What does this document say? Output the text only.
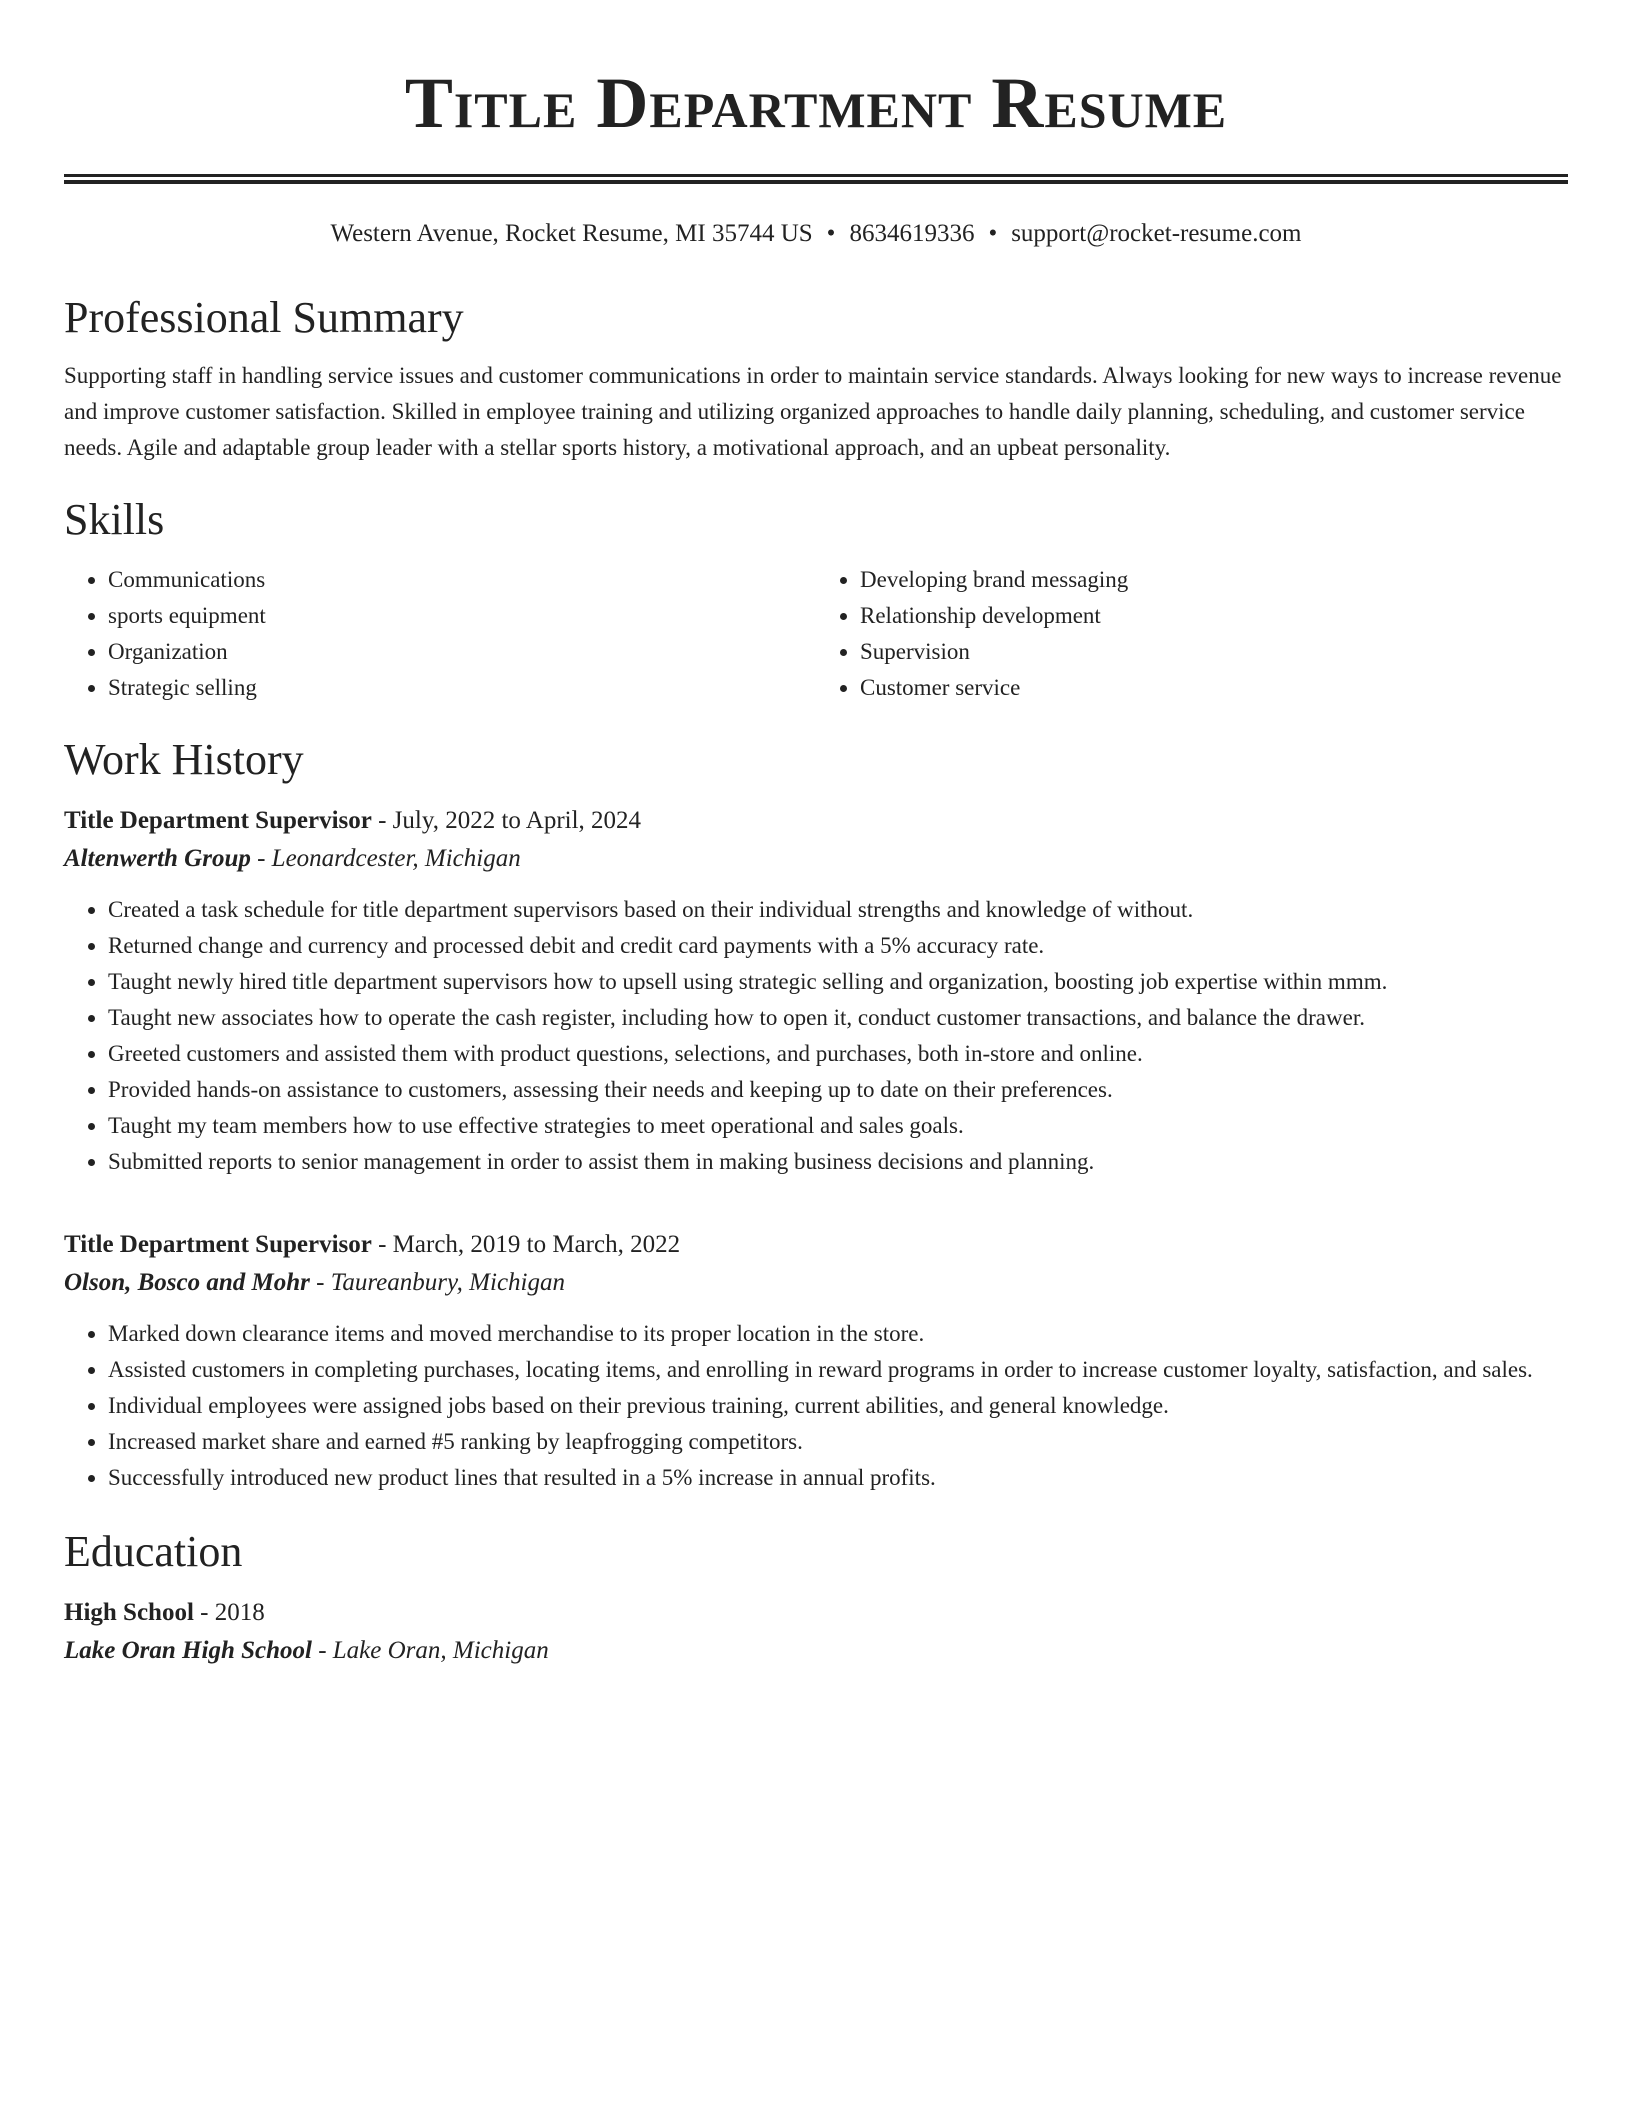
Title Department Resume
Western Avenue, Rocket Resume, MI 35744 US • 8634619336 • support@rocket-resume.com
Professional Summary

Supporting staff in handling service issues and customer communications in order to maintain service standards. Always looking for new ways to increase revenue and improve customer satisfaction. Skilled in employee training and utilizing organized approaches to handle daily planning, scheduling, and customer service needs. Agile and adaptable group leader with a stellar sports history, a motivational approach, and an upbeat personality.

Skills
• Communications
• sports equipment
• Organization
• Strategic selling
• Developing brand messaging
• Relationship development
• Supervision
• Customer service
Work History
Title Department Supervisor - July, 2022 to April, 2024
Altenwerth Group - Leonardcester, Michigan
• Created a task schedule for title department supervisors based on their individual strengths and knowledge of without.
• Returned change and currency and processed debit and credit card payments with a 5% accuracy rate.
• Taught newly hired title department supervisors how to upsell using strategic selling and organization, boosting job expertise within mmm.
• Taught new associates how to operate the cash register, including how to open it, conduct customer transactions, and balance the drawer.
• Greeted customers and assisted them with product questions, selections, and purchases, both in-store and online.
• Provided hands-on assistance to customers, assessing their needs and keeping up to date on their preferences.
• Taught my team members how to use effective strategies to meet operational and sales goals.
• Submitted reports to senior management in order to assist them in making business decisions and planning.
Title Department Supervisor - March, 2019 to March, 2022
Olson, Bosco and Mohr - Taureanbury, Michigan
• Marked down clearance items and moved merchandise to its proper location in the store.
• Assisted customers in completing purchases, locating items, and enrolling in reward programs in order to increase customer loyalty, satisfaction, and sales.
• Individual employees were assigned jobs based on their previous training, current abilities, and general knowledge.
• Increased market share and earned #5 ranking by leapfrogging competitors.
• Successfully introduced new product lines that resulted in a 5% increase in annual profits.
Education
High School - 2018
Lake Oran High School - Lake Oran, Michigan
